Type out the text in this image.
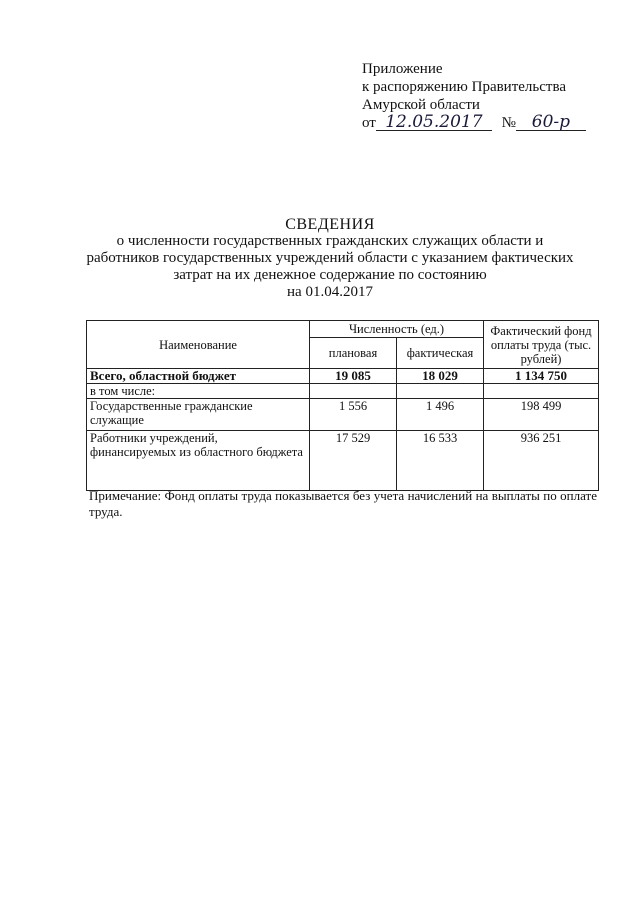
Приложение
к распоряжению Правительства
Амурской области
от 12.05.2017 № 60-р
СВЕДЕНИЯ
о численности государственных гражданских служащих области и
работников государственных учреждений области с указанием фактических
затрат на их денежное содержание по состоянию
на 01.04.2017
Наименование	Численность (ед.)		Фактический фонд оплаты труда (тыс. рублей)
	плановая	фактическая	
Всего, областной бюджет	19 085	18 029	1 134 750
в том числе:			
Государственные гражданские служащие	1 556	1 496	198 499
Работники учреждений, финансируемых из областного бюджета	17 529	16 533	936 251
Примечание: Фонд оплаты труда показывается без учета начислений на выплаты по оплате труда.
